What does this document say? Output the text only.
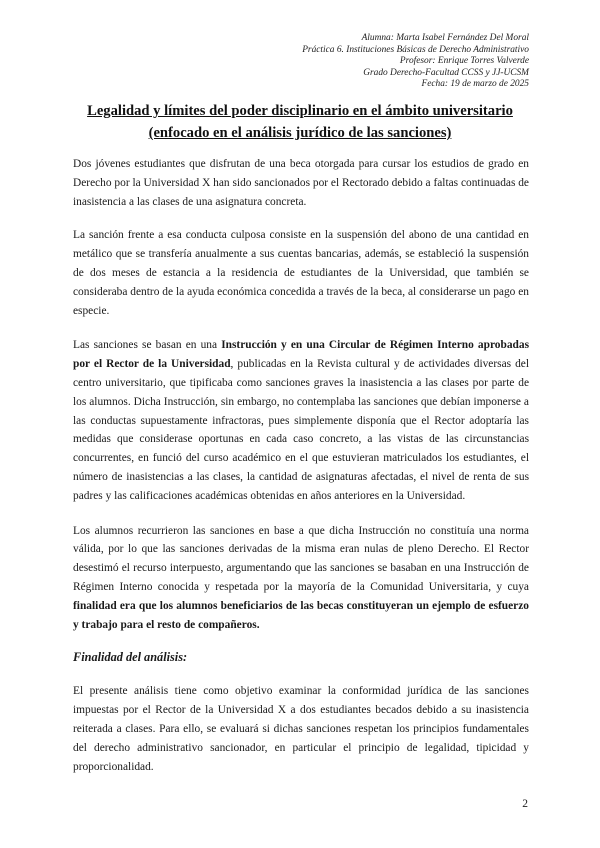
Alumna: Marta Isabel Fernández Del Moral
Práctica 6. Instituciones Básicas de Derecho Administrativo
Profesor: Enrique Torres Valverde
Grado Derecho-Facultad CCSS y JJ-UCSM
Fecha: 19 de marzo de 2025
Legalidad y límites del poder disciplinario en el ámbito universitario
(enfocado en el análisis jurídico de las sanciones)

Dos jóvenes estudiantes que disfrutan de una beca otorgada para cursar los estudios de grado en Derecho por la Universidad X han sido sancionados por el Rectorado debido a faltas continuadas de inasistencia a las clases de una asignatura concreta.

La sanción frente a esa conducta culposa consiste en la suspensión del abono de una cantidad en metálico que se transfería anualmente a sus cuentas bancarias, además, se estableció la suspensión de dos meses de estancia a la residencia de estudiantes de la Universidad, que también se consideraba dentro de la ayuda económica concedida a través de la beca, al considerarse un pago en especie.

Las sanciones se basan en una Instrucción y en una Circular de Régimen Interno aprobadas por el Rector de la Universidad, publicadas en la Revista cultural y de actividades diversas del centro universitario, que tipificaba como sanciones graves la inasistencia a las clases por parte de los alumnos. Dicha Instrucción, sin embargo, no contemplaba las sanciones que debían imponerse a las conductas supuestamente infractoras, pues simplemente disponía que el Rector adoptaría las medidas que considerase oportunas en cada caso concreto, a las vistas de las circunstancias concurrentes, en funció del curso académico en el que estuvieran matriculados los estudiantes, el número de inasistencias a las clases, la cantidad de asignaturas afectadas, el nivel de renta de sus padres y las calificaciones académicas obtenidas en años anteriores en la Universidad.

Los alumnos recurrieron las sanciones en base a que dicha Instrucción no constituía una norma válida, por lo que las sanciones derivadas de la misma eran nulas de pleno Derecho. El Rector desestimó el recurso interpuesto, argumentando que las sanciones se basaban en una Instrucción de Régimen Interno conocida y respetada por la mayoría de la Comunidad Universitaria, y cuya finalidad era que los alumnos beneficiarios de las becas constituyeran un ejemplo de esfuerzo y trabajo para el resto de compañeros.

Finalidad del análisis:

El presente análisis tiene como objetivo examinar la conformidad jurídica de las sanciones impuestas por el Rector de la Universidad X a dos estudiantes becados debido a su inasistencia reiterada a clases. Para ello, se evaluará si dichas sanciones respetan los principios fundamentales del derecho administrativo sancionador, en particular el principio de legalidad, tipicidad y proporcionalidad.

2
